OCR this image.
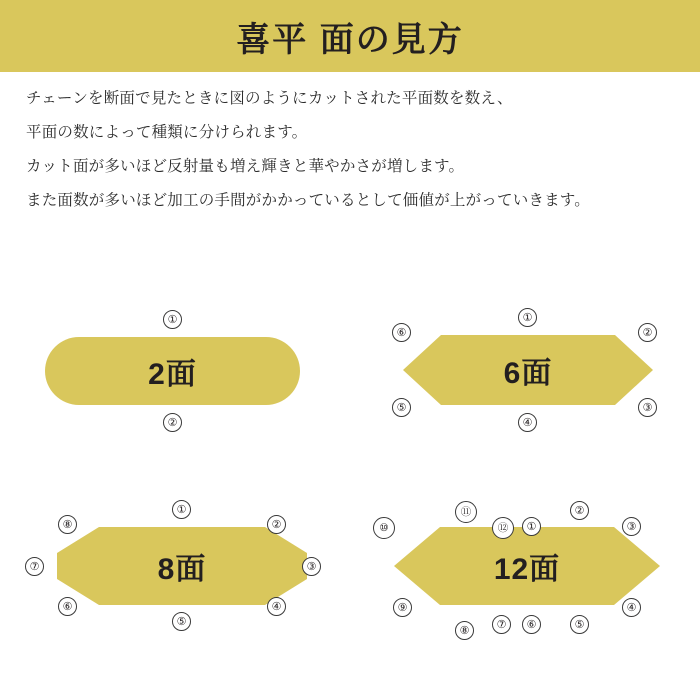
喜平 面の見方
チェーンを断面で見たときに図のようにカットされた平面数を数え、
平面の数によって種類に分けられます。
カット面が多いほど反射量も増え輝きと華やかさが増します。
また面数が多いほど加工の手間がかかっているとして価値が上がっていきます。
2面
①
②
6面
①
②
③
④
⑤
⑥
8面
①
②
③
④
⑤
⑥
⑦
⑧
12面
①
②
③
④
⑤
⑥
⑦
⑧
⑨
⑩
⑪
⑫
